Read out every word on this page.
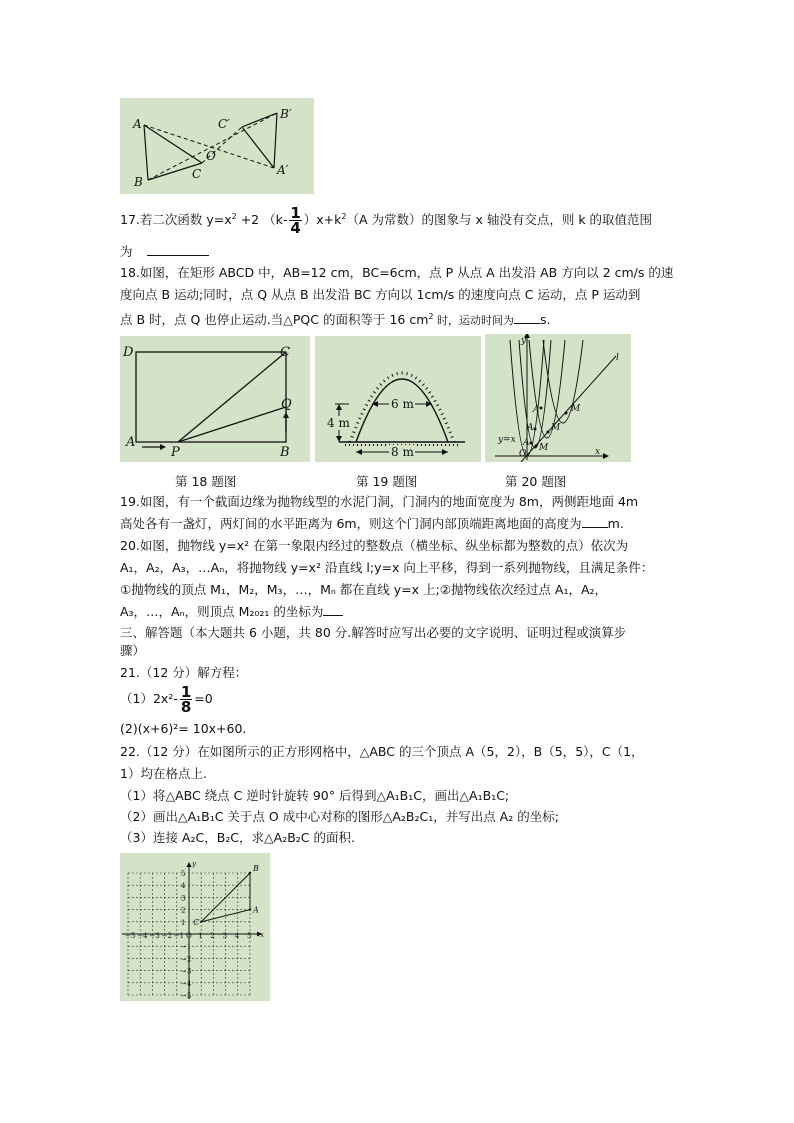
A
B
C
C′
O
B′
A′
17.若二次函数 $y=x^2 +2$ $(k- \frac{1}{4} )x+k^2(A$ 为常数）的图象与 x 轴没有交点，则 k 的取值范围
为
18.如图，在矩形 ABCD 中，AB=12 cm，BC=6cm，点 P 从点 A 出发沿 AB 方向以 2 cm/s 的速
度向点 B 运动;同时，点 Q 从点 B 出发沿 BC 方向以 1cm/s 的速度向点 C 运动，点 P 运动到
点 B 时，点 Q 也停止运动.当△PQC 的面积等于 16 $cm^2$ 时，运动时间为 s.
D	C
Q
A
P	B
6 m
8 m
4 m
y
l
A
A
A
M
M
M
y=x
O	x
第 18 题图	第 19 题图	第 20 题图
19.如图，有一个截面边缘为抛物线型的水泥门洞，门洞内的地面宽度为 8m，两侧距地面 4m
高处各有一盏灯，两灯间的水平距离为 6m，则这个门洞内部顶端距离地面的高度为 m.
20.如图，抛物线 y=x² 在第一象限内经过的整数点（横坐标、纵坐标都为整数的点）依次为
A₁，A₂，A₃，…Aₙ，将抛物线 y=x² 沿直线 l;y=x 向上平移，得到一系列抛物线，且满足条件：
①抛物线的顶点 M₁，M₂，M₃，…，Mₙ 都在直线 y=x 上;②抛物线依次经过点 A₁，A₂，
A₃，…，Aₙ，则顶点 M₂₀₂₁ 的坐标为
三、解答题（本大题共 6 小题，共 80 分.解答时应写出必要的文字说明、证明过程或演算步
骤）
21.（12 分）解方程：
$(1)2x^2- \frac{1}{8} =0$
(2)(x+6)²= 10x+60.
22.（12 分）在如图所示的正方形网格中，△ABC 的三个顶点 A（5，2），B（5，5），C（1，
1）均在格点上.
（1）将△ABC 绕点 C 逆时针旋转 90° 后得到△A₁B₁C，画出△A₁B₁C;
（2）画出△A₁B₁C 关于点 O 成中心对称的图形△A₂B₂C₁，并写出点 A₂ 的坐标;
（3）连接 A₂C，B₂C，求△A₂B₂C 的面积.
−5 −4 −3 −2 −1 O 1 2 3 4 5
5
4
3
2
1
−1
−2
−3
−4
−5
x
y
A
B
C
